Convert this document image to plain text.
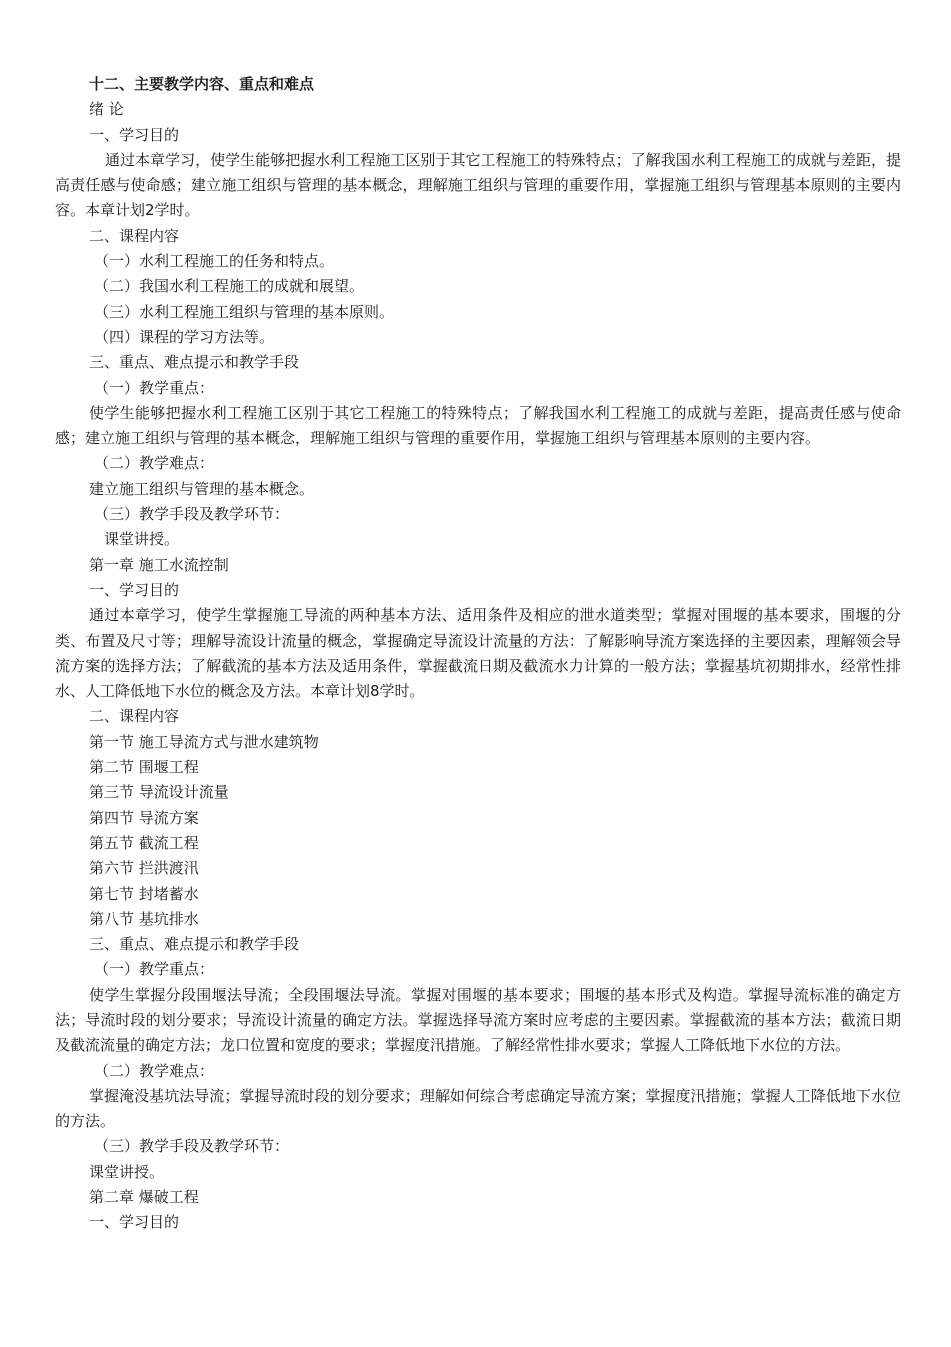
十二、主要教学内容、重点和难点
绪 论
一、学习目的
通过本章学习，使学生能够把握水利工程施工区别于其它工程施工的特殊特点；了解我国水利工程施工的成就与差距，提高责任感与使命感；建立施工组织与管理的基本概念，理解施工组织与管理的重要作用，掌握施工组织与管理基本原则的主要内容。本章计划2学时。
二、课程内容
（一）水利工程施工的任务和特点。
（二）我国水利工程施工的成就和展望。
（三）水利工程施工组织与管理的基本原则。
（四）课程的学习方法等。
三、重点、难点提示和教学手段
（一）教学重点：
使学生能够把握水利工程施工区别于其它工程施工的特殊特点；了解我国水利工程施工的成就与差距，提高责任感与使命感；建立施工组织与管理的基本概念，理解施工组织与管理的重要作用，掌握施工组织与管理基本原则的主要内容。
（二）教学难点：
建立施工组织与管理的基本概念。
（三）教学手段及教学环节：
课堂讲授。
第一章 施工水流控制
一、学习目的
通过本章学习，使学生掌握施工导流的两种基本方法、适用条件及相应的泄水道类型；掌握对围堰的基本要求，围堰的分类、布置及尺寸等；理解导流设计流量的概念，掌握确定导流设计流量的方法：了解影响导流方案选择的主要因素，理解领会导流方案的选择方法；了解截流的基本方法及适用条件，掌握截流日期及截流水力计算的一般方法；掌握基坑初期排水，经常性排水、人工降低地下水位的概念及方法。本章计划8学时。
二、课程内容
第一节 施工导流方式与泄水建筑物
第二节 围堰工程
第三节 导流设计流量
第四节 导流方案
第五节 截流工程
第六节 拦洪渡汛
第七节 封堵蓄水
第八节 基坑排水
三、重点、难点提示和教学手段
（一）教学重点：
使学生掌握分段围堰法导流；全段围堰法导流。掌握对围堰的基本要求；围堰的基本形式及构造。掌握导流标准的确定方法；导流时段的划分要求；导流设计流量的确定方法。掌握选择导流方案时应考虑的主要因素。掌握截流的基本方法；截流日期及截流流量的确定方法；龙口位置和宽度的要求；掌握度汛措施。了解经常性排水要求；掌握人工降低地下水位的方法。
（二）教学难点：
掌握淹没基坑法导流；掌握导流时段的划分要求；理解如何综合考虑确定导流方案；掌握度汛措施；掌握人工降低地下水位的方法。
（三）教学手段及教学环节：
课堂讲授。
第二章 爆破工程
一、学习目的
